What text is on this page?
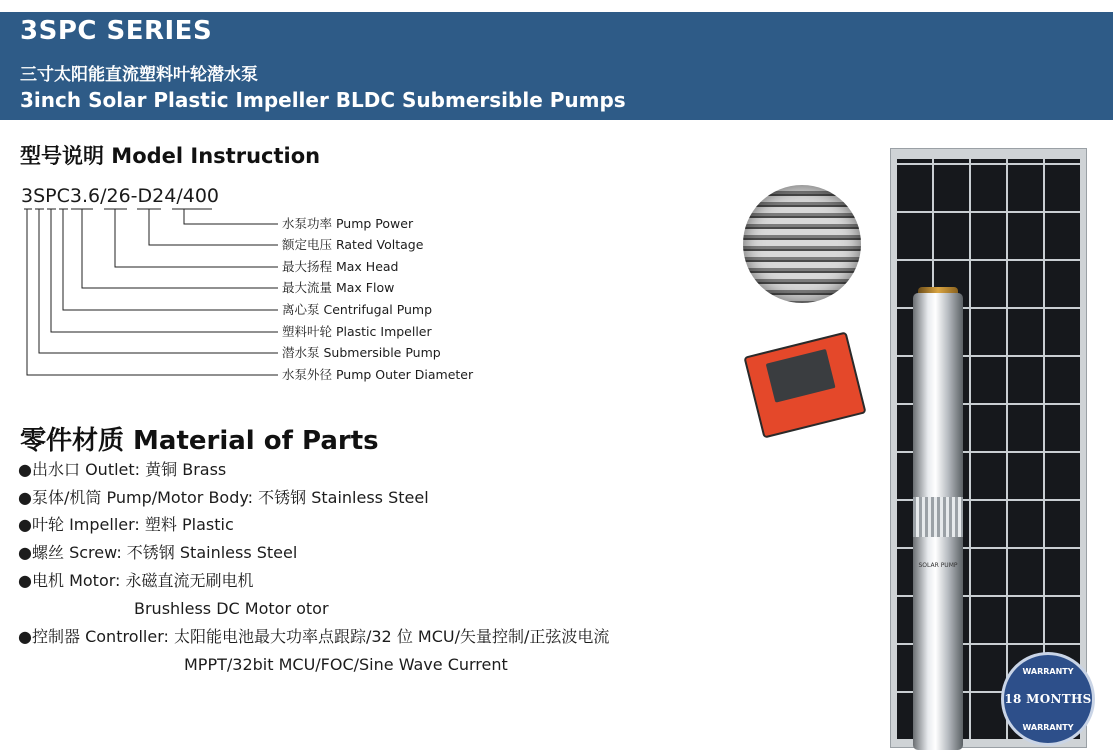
3SPC SERIES
三寸太阳能直流塑料叶轮潜水泵
3inch Solar Plastic Impeller BLDC Submersible Pumps
型号说明 Model Instruction
3SPC3.6/26-D24/400
水泵功率 Pump Power
额定电压 Rated Voltage
最大扬程 Max Head
最大流量 Max Flow
离心泵 Centrifugal Pump
塑料叶轮 Plastic Impeller
潜水泵 Submersible Pump
水泵外径 Pump Outer Diameter
零件材质 Material of Parts
●出水口 Outlet: 黄铜 Brass
●泵体/机筒 Pump/Motor Body: 不锈钢 Stainless Steel
●叶轮 Impeller: 塑料 Plastic
●螺丝 Screw: 不锈钢 Stainless Steel
●电机 Motor: 永磁直流无刷电机
Brushless DC Motor otor
●控制器 Controller: 太阳能电池最大功率点跟踪/32 位 MCU/矢量控制/正弦波电流
MPPT/32bit MCU/FOC/Sine Wave Current
SOLAR PUMP
WARRANTY
18 MONTHS
WARRANTY
